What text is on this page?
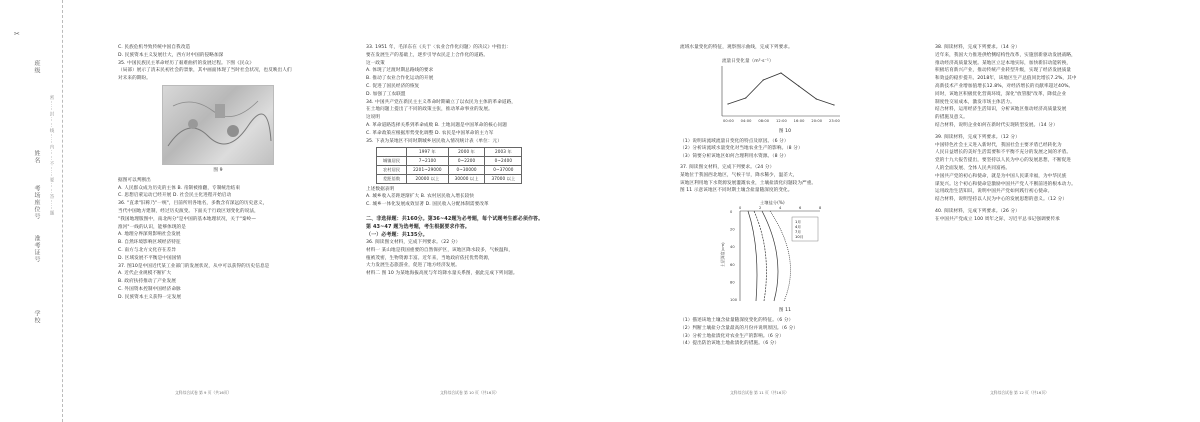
姓名
考场座位号
准考证号
学校
班级
密……封……线……内……不……要……答……题
✂

C. 民族危机导致传统中国自我改造

D. 民族资本主义发展壮大，西方对中国的侵略加深

35. 中国民族民主革命经历了艰难曲折的发展过程。下图《民众》

（局部）展示了清末民初社会的景象，其中画面体现了当时社会状况，也反映出人们

对未来的期盼。

图 9

据图可以判断出

A. 人民群众成为历史的主体 B. 帝制被推翻，专制统治结束

C. 思想启蒙运动已经开展 D. 社会民主化进程开始启动

36. "直隶"旧称乃"一统"，目前所用各地名，多数含有深远的历史意义，

当代中国地方建制，经过历史演变。下面关于行政区划变化的说法，

"我国地理版图中，南北两分"是中国的基本地理状况，关于"秦岭—

淮河"一线的认识，能够体现的是

A. 地理分界深刻影响社会发展

B. 自然环境影响区域经济特征

C. 南方与北方文化存在差异

D. 区域发展不平衡是中国国情

37. 图10是中国近代某工业部门的发展状况，从中可以获得的历史信息是

A. 近代企业规模不断扩大

B. 政府扶持推动了产业发展

C. 外国资本控制中国经济命脉

D. 民族资本主义获得一定发展

文科综合试卷 第 9 页（共16页）

33. 1951 年，毛泽东在《关于〈农业合作化问题〉的决议》中指出：

要在发展生产的基础上，逐步引导农民走上合作化的道路。

这一政策

A. 体现了过渡时期总路线的要求

B. 推动了农业合作化运动的开展

C. 促进了国民经济的恢复

D. 加强了工农联盟

34. 中国共产党在新民主主义革命时期确立了以农民为主体的革命道路，

在土地问题上提出了不同的政策主张，推动革命事业的发展。

这说明

A. 革命道路选择关系到革命成败 B. 土地问题是中国革命的核心问题

C. 革命政策应根据形势变化调整 D. 农民是中国革命的主力军

35. 下表为某地区不同时期城乡居民收入情况统计表（单位：元）

	1997 年	2000 年	2003 年
城镇居民	7~2100	0~2200	0~2400
农村居民	2201~29000	0~30000	0~37000
差距倍数	20000 以上	30000 以上	37000 以上

上述数据表明

A. 城乡收入差距逐渐扩大 B. 农村居民收入增长较快

C. 城乡一体化发展成效显著 D. 国民收入分配体制需要改革

二、非选择题：共160分。第36~42题为必考题，每个试题考生都必须作答。

第 43~47 题为选考题，考生根据要求作答。

（一）必考题：共135分。

36. 阅读图文材料，完成下列要求。（22 分）

材料一 某山地是我国重要的自然保护区，该地区降水较多，气候温和，

植被茂密，生物资源丰富。近年来，当地政府依托优势资源，

大力发展生态旅游业，促进了地方经济发展。

材料二 图 10 为某地海拔高度与年均降水量关系图，据此完成下列问题。

文科综合试卷 第 10 页（共16页）

流域水量变化的特征，观察图示曲线，完成下列要求。

流量日变化量（m³·s⁻¹）
00:00 04:00 08:00 12:00 16:00 20:00 23:00
图 10

（1）说明该流域流量日变化的特点及原因。（6 分）

（2）分析该流域水量变化对当地农业生产的影响。（8 分）

（3）简要分析该地区如何合理利用水资源。（8 分）

37. 阅读图文材料，完成下列要求。（24 分）

某地位于我国西北地区，气候干旱，降水稀少，温差大，

该地区利用地下水资源发展灌溉农业，土壤盐渍化问题较为严重。

图 11 示意该地区不同时期土壤含盐量随深度的变化。

土壤盐分(%)
0	2	4	6	8
0
20
40
60
80
100
土层深度(cm)
1月
4月
7月
10月
图 11

（1）描述该地土壤含盐量随深度变化的特征。（6 分）

（2）判断土壤盐分含量最高的月份并说明原因。（6 分）

（3）分析土地盐渍化对农业生产的影响。（6 分）

（4）提出防治该地土地盐渍化的措施。（6 分）

文科综合试卷 第 11 页（共16页）

38. 阅读材料，完成下列要求。（14 分）

近年来，我国大力推进供给侧结构性改革，实施创新驱动发展战略，

推动经济高质量发展。某地区立足本地实际，加快新旧动能转换，

积极培育新兴产业，推动传统产业转型升级，实现了经济发展质量

和效益的稳步提升。2018年，该地区生产总值同比增长7.2%，其中

高新技术产业增加值增长12.8%，对经济增长的贡献率超过40%。

同时，该地区积极优化营商环境，深化"放管服"改革，降低企业

制度性交易成本，激发市场主体活力。

结合材料，运用经济生活知识，分析该地区推动经济高质量发展

的措施及意义。

结合材料，说明企业如何在新时代实现转型发展。（14 分）

39. 阅读材料，完成下列要求。（12 分）

中国特色社会主义进入新时代，我国社会主要矛盾已经转化为

人民日益增长的美好生活需要和不平衡不充分的发展之间的矛盾。

党的十九大报告提出，要坚持以人民为中心的发展思想，不断促进

人的全面发展、全体人民共同富裕。

中国共产党的初心和使命，就是为中国人民谋幸福，为中华民族

谋复兴。这个初心和使命是激励中国共产党人不断前进的根本动力。

运用政治生活知识，说明中国共产党如何践行初心使命。

结合材料，说明坚持以人民为中心的发展思想的意义。（12 分）

40. 阅读材料，完成下列要求。（26 分）

在中国共产党成立 100 周年之际，习近平总书记强调要传承

文科综合试卷 第 12 页（共16页）
